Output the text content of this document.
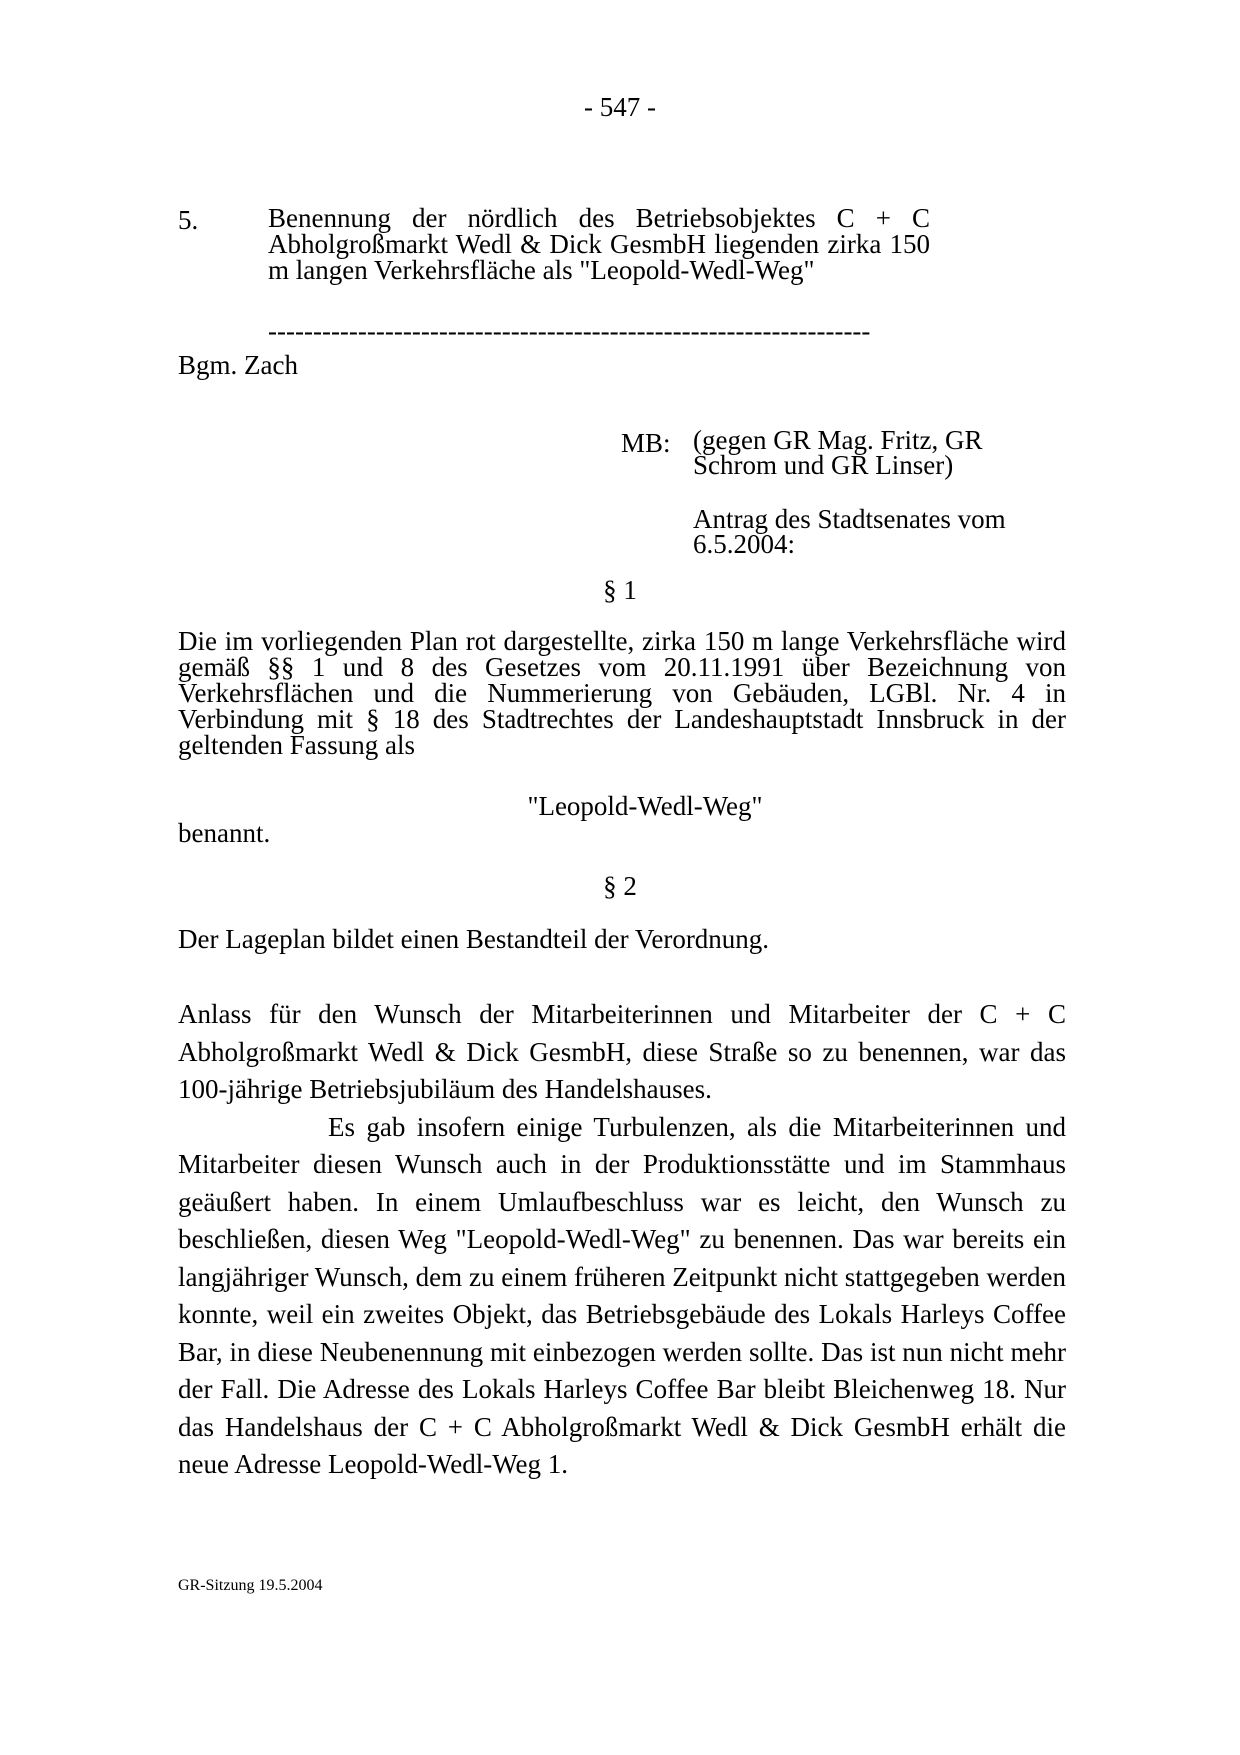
- 547 -
5.	Benennung der nördlich des Betriebsobjektes C + C Abholgroßmarkt Wedl & Dick GesmbH liegenden zirka 150 m langen Verkehrsfläche als "Leopold-Wedl-Weg"

-------------------------------------------------------------------
Bgm. Zach
MB: (gegen GR Mag. Fritz, GR Schrom und GR Linser)
Antrag des Stadtsenates vom 6.5.2004:
§ 1

Die im vorliegenden Plan rot dargestellte, zirka 150 m lange Verkehrsfläche wird gemäß §§ 1 und 8 des Gesetzes vom 20.11.1991 über Bezeichnung von Verkehrsflächen und die Nummerierung von Gebäuden, LGBl. Nr. 4 in Verbindung mit § 18 des Stadtrechtes der Landeshauptstadt Innsbruck in der geltenden Fassung als

"Leopold-Wedl-Weg"
benannt.
§ 2
Der Lageplan bildet einen Bestandteil der Verordnung.

Anlass für den Wunsch der Mitarbeiterinnen und Mitarbeiter der C + C Abholgroßmarkt Wedl & Dick GesmbH, diese Straße so zu benennen, war das 100-jährige Betriebsjubiläum des Handelshauses.

Es gab insofern einige Turbulenzen, als die Mitarbeiterinnen und Mitarbeiter diesen Wunsch auch in der Produktionsstätte und im Stammhaus geäußert haben. In einem Umlaufbeschluss war es leicht, den Wunsch zu beschließen, diesen Weg "Leopold-Wedl-Weg" zu benennen. Das war bereits ein langjähriger Wunsch, dem zu einem früheren Zeitpunkt nicht stattgegeben werden konnte, weil ein zweites Objekt, das Betriebsgebäude des Lokals Harleys Coffee Bar, in diese Neubenennung mit einbezogen werden sollte. Das ist nun nicht mehr der Fall. Die Adresse des Lokals Harleys Coffee Bar bleibt Bleichenweg 18. Nur das Handelshaus der C + C Abholgroßmarkt Wedl & Dick GesmbH erhält die neue Adresse Leopold-Wedl-Weg 1.

GR-Sitzung 19.5.2004
